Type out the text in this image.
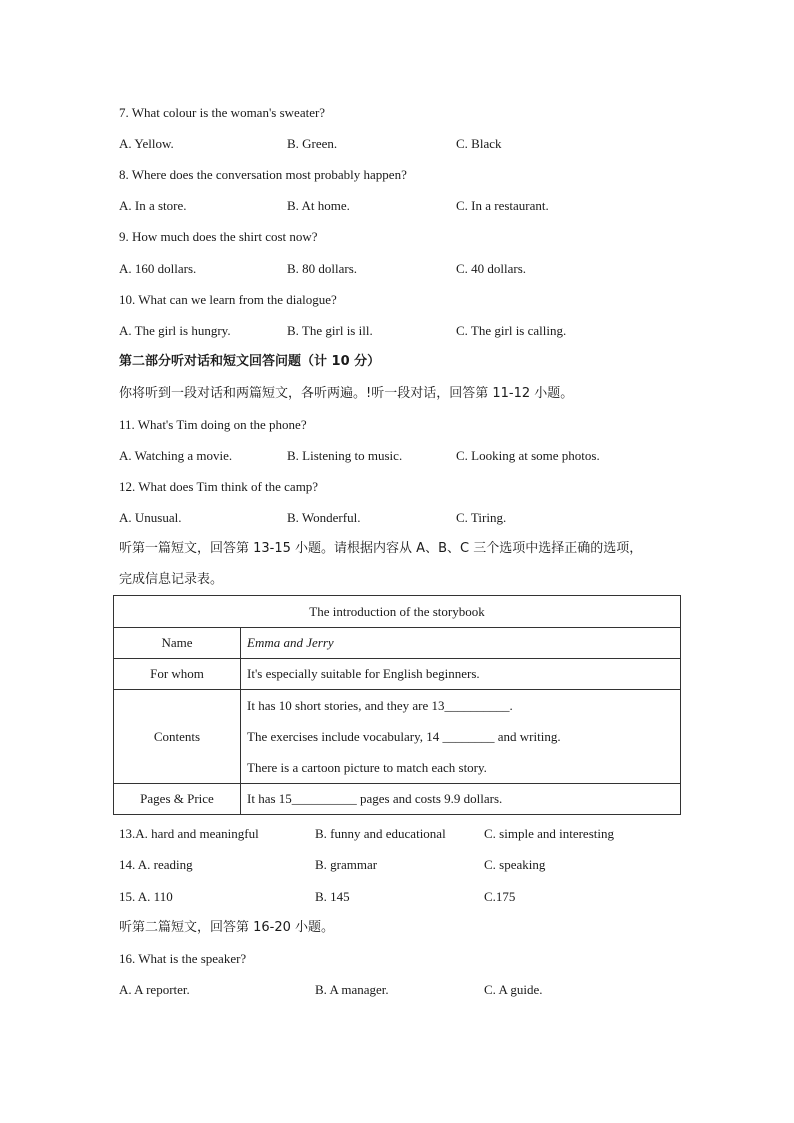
7. What colour is the woman's sweater?
A. Yellow.	B. Green.	C. Black
8. Where does the conversation most probably happen?
A. In a store.	B. At home.	C. In a restaurant.
9. How much does the shirt cost now?
A. 160 dollars.	B. 80 dollars.	C. 40 dollars.
10. What can we learn from the dialogue?
A. The girl is hungry.	B. The girl is ill.	C. The girl is calling.
第二部分听对话和短文回答问题（计 10 分）
你将听到一段对话和两篇短文，各听两遍。!听一段对话，回答第 11-12 小题。
11. What's Tim doing on the phone?
A. Watching a movie.	B. Listening to music.	C. Looking at some photos.
12. What does Tim think of the camp?
A. Unusual.	B. Wonderful.	C. Tiring.
听第一篇短文，回答第 13-15 小题。请根据内容从 A、B、C 三个选项中选择正确的选项，
完成信息记录表。
The introduction of the storybook	
Name	Emma and Jerry
For whom	It's especially suitable for English beginners.
Contents	It has 10 short stories, and they are 13__________.
The exercises include vocabulary, 14 ________ and writing.
There is a cartoon picture to match each story.

Pages & Price	It has 15__________ pages and costs 9.9 dollars.
13.A. hard and meaningful	B. funny and educational	C. simple and interesting
14. A. reading	B. grammar	C. speaking
15. A. 110	B. 145	C.175
听第二篇短文，回答第 16-20 小题。
16. What is the speaker?
A. A reporter.	B. A manager.	C. A guide.
